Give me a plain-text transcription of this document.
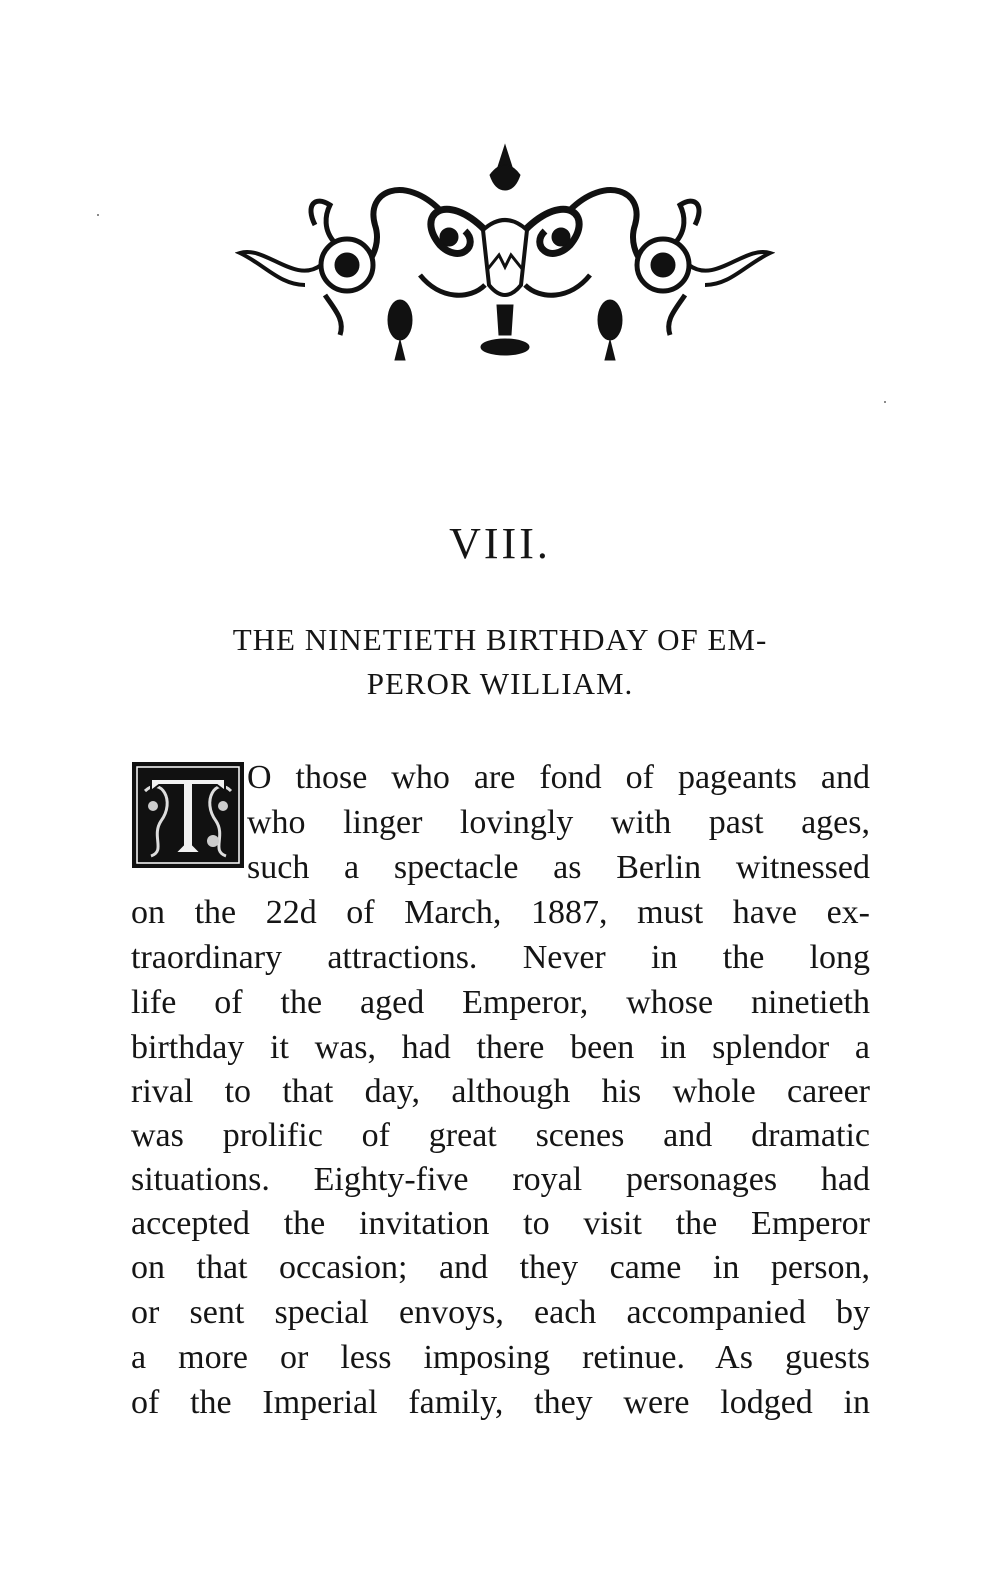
VIII.
THE NINETIETH BIRTHDAY OF EM-
PEROR WILLIAM.
O those who are fond of pageants and
who linger lovingly with past ages,
such a spectacle as Berlin witnessed
on the 22d of March, 1887, must have ex-
traordinary attractions. Never in the long
life of the aged Emperor, whose ninetieth
birthday it was, had there been in splendor a
rival to that day, although his whole career
was prolific of great scenes and dramatic
situations. Eighty-five royal personages had
accepted the invitation to visit the Emperor
on that occasion; and they came in person,
or sent special envoys, each accompanied by
a more or less imposing retinue. As guests
of the Imperial family, they were lodged in
